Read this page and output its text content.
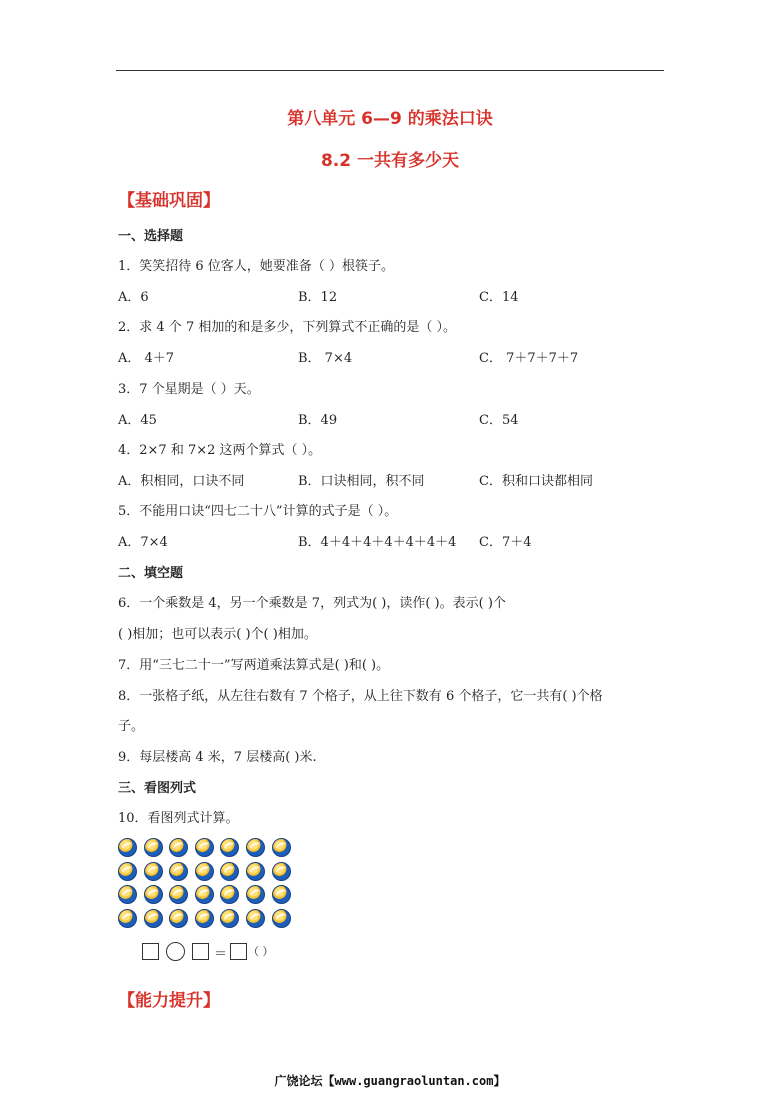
第八单元 6—9 的乘法口诀
8.2 一共有多少天
【基础巩固】
一、选择题
1．笑笑招待 6 位客人，她要准备（ ）根筷子。
A．6	B．12	C．14
2．求 4 个 7 相加的和是多少，下列算式不正确的是（ ）。
A． 4＋7	B． 7×4	C． 7＋7＋7＋7
3．7 个星期是（ ）天。
A．45	B．49	C．54
4．2×7 和 7×2 这两个算式（ ）。
A．积相同，口诀不同	B．口诀相同，积不同	C．积和口诀都相同
5．不能用口诀“四七二十八”计算的式子是（ ）。
A．7×4	B．4＋4＋4＋4＋4＋4＋4 C．7＋4
二、填空题
6．一个乘数是 4，另一个乘数是 7，列式为( )，读作( )。表示( )个
( )相加；也可以表示( )个( )相加。
7．用“三七二十一”写两道乘法算式是( )和( )。
8．一张格子纸，从左往右数有 7 个格子，从上往下数有 6 个格子，它一共有( )个格
子。
9．每层楼高 4 米，7 层楼高( )米.
三、看图列式
10．看图列式计算。
＝ （ ）
【能力提升】
广饶论坛【www.guangraoluntan.com】
